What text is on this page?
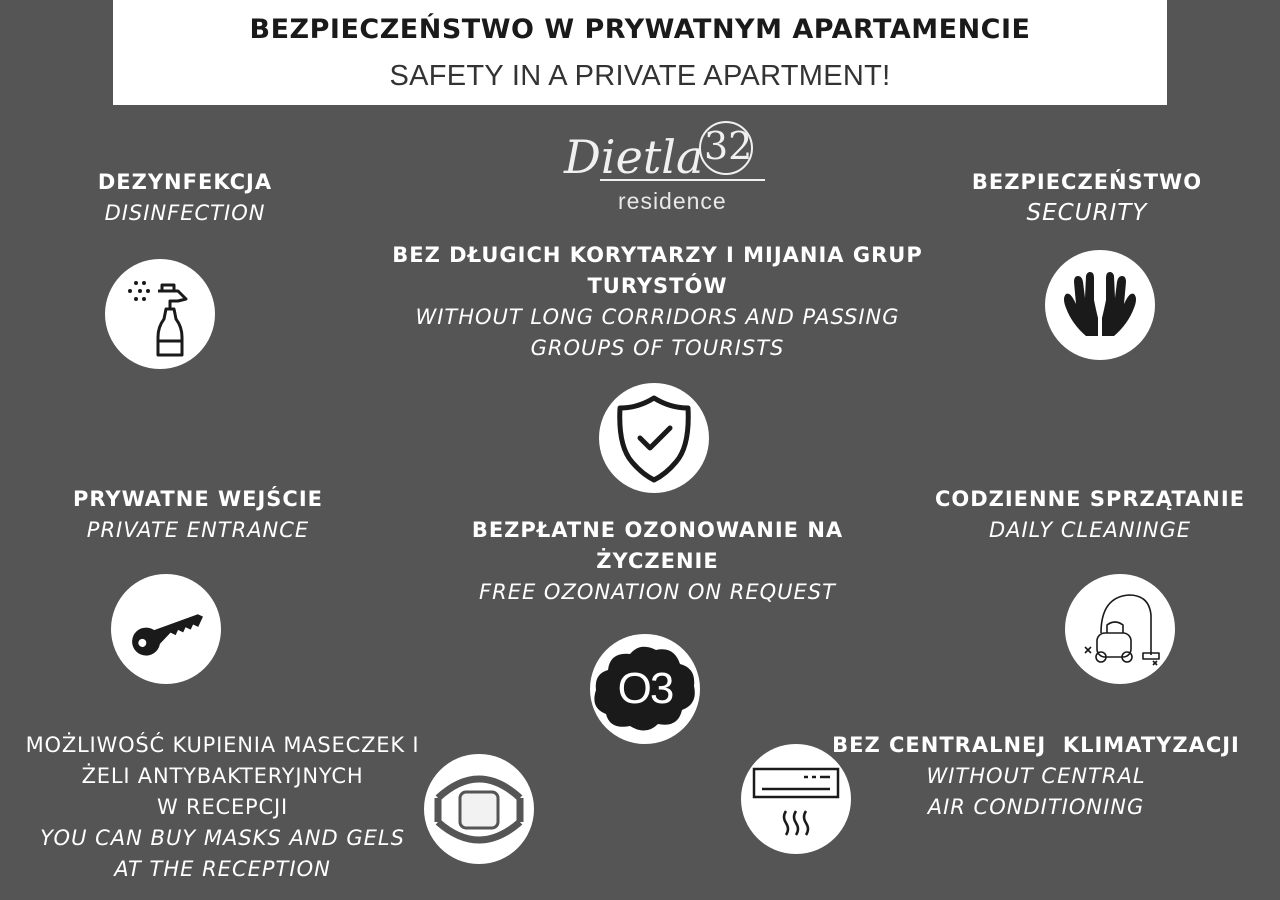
BEZPIECZEŃSTWO W PRYWATNYM APARTAMENCIE
SAFETY IN A PRIVATE APARTMENT!
Dietla 32
residence
DEZYNFEKCJA
DISINFECTION
BEZPIECZEŃSTWO
SECURITY
BEZ DŁUGICH KORYTARZY I MIJANIA GRUP
TURYSTÓW
WITHOUT LONG CORRIDORS AND PASSING
GROUPS OF TOURISTS
PRYWATNE WEJŚCIE
PRIVATE ENTRANCE
CODZIENNE SPRZĄTANIE
DAILY CLEANINGE
BEZPŁATNE OZONOWANIE NA
ŻYCZENIE
FREE OZONATION ON REQUEST
O3
MOŻLIWOŚĆ KUPIENIA MASECZEK I
ŻELI ANTYBAKTERYJNYCH
W RECEPCJI
YOU CAN BUY MASKS AND GELS
AT THE RECEPTION
BEZ CENTRALNEJ  KLIMATYZACJI
WITHOUT CENTRAL
AIR CONDITIONING
